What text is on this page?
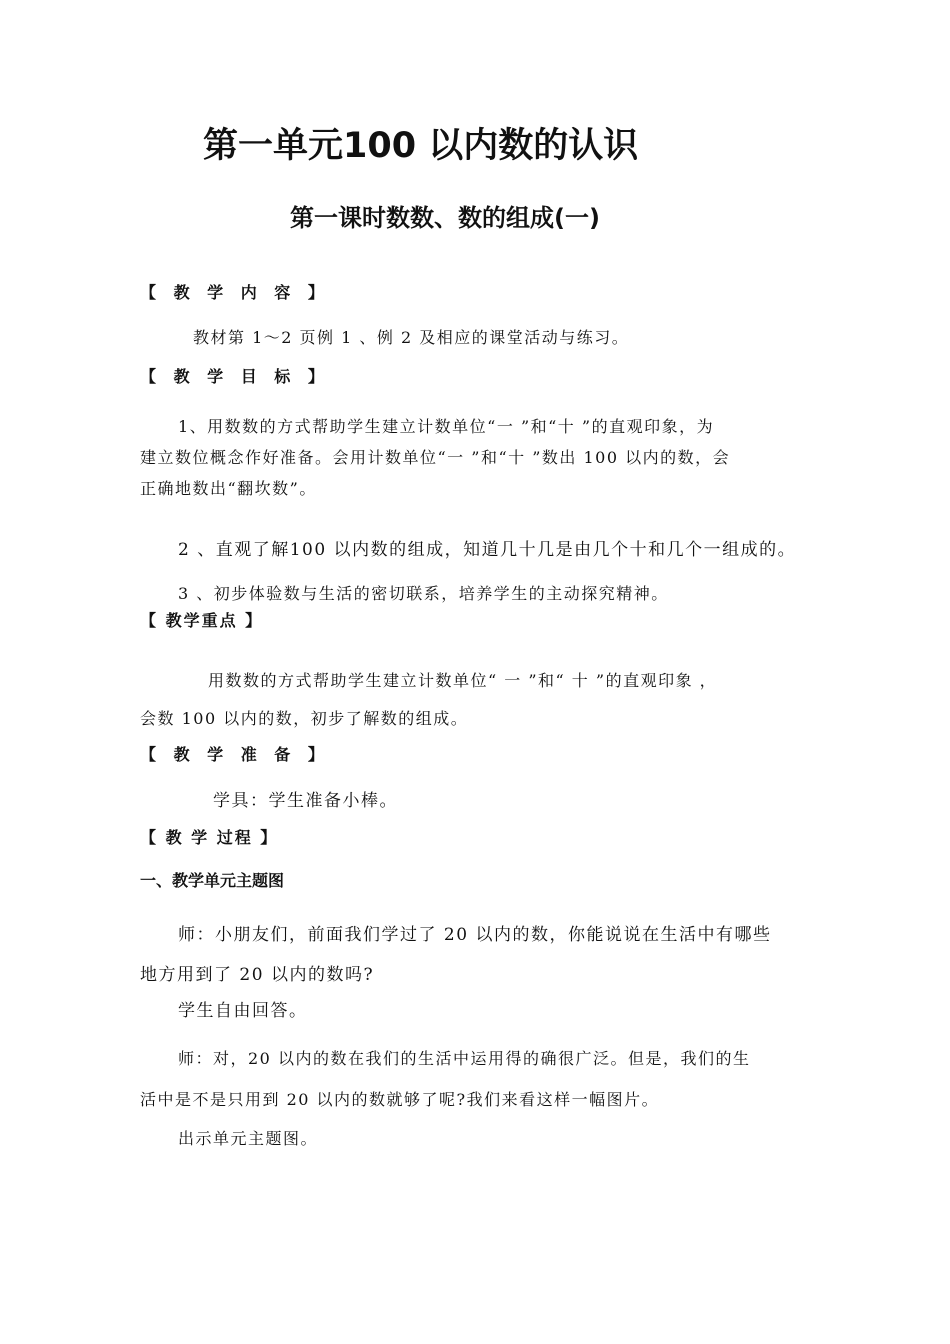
第一单元100 以内数的认识
第一课时数数、数的组成(一)
【 教 学 内 容 】
教材第 1～2 页例 1 、例 2 及相应的课堂活动与练习。
【 教 学 目 标 】
1、用数数的方式帮助学生建立计数单位“一 ”和“十 ”的直观印象，为
建立数位概念作好准备。会用计数单位“一 ”和“十 ”数出 100 以内的数，会
正确地数出“翻坎数”。
2 、直观了解100 以内数的组成，知道几十几是由几个十和几个一组成的。
3 、初步体验数与生活的密切联系，培养学生的主动探究精神。
【 教学重点 】
用数数的方式帮助学生建立计数单位“ 一 ”和“ 十 ”的直观印象 ，
会数 100 以内的数，初步了解数的组成。
【 教 学 准 备 】
学具：学生准备小棒。
【 教 学 过程 】
一、教学单元主题图
师：小朋友们，前面我们学过了 20 以内的数，你能说说在生活中有哪些
地方用到了 20 以内的数吗?
学生自由回答。
师：对，20 以内的数在我们的生活中运用得的确很广泛。但是，我们的生
活中是不是只用到 20 以内的数就够了呢?我们来看这样一幅图片。
出示单元主题图。
